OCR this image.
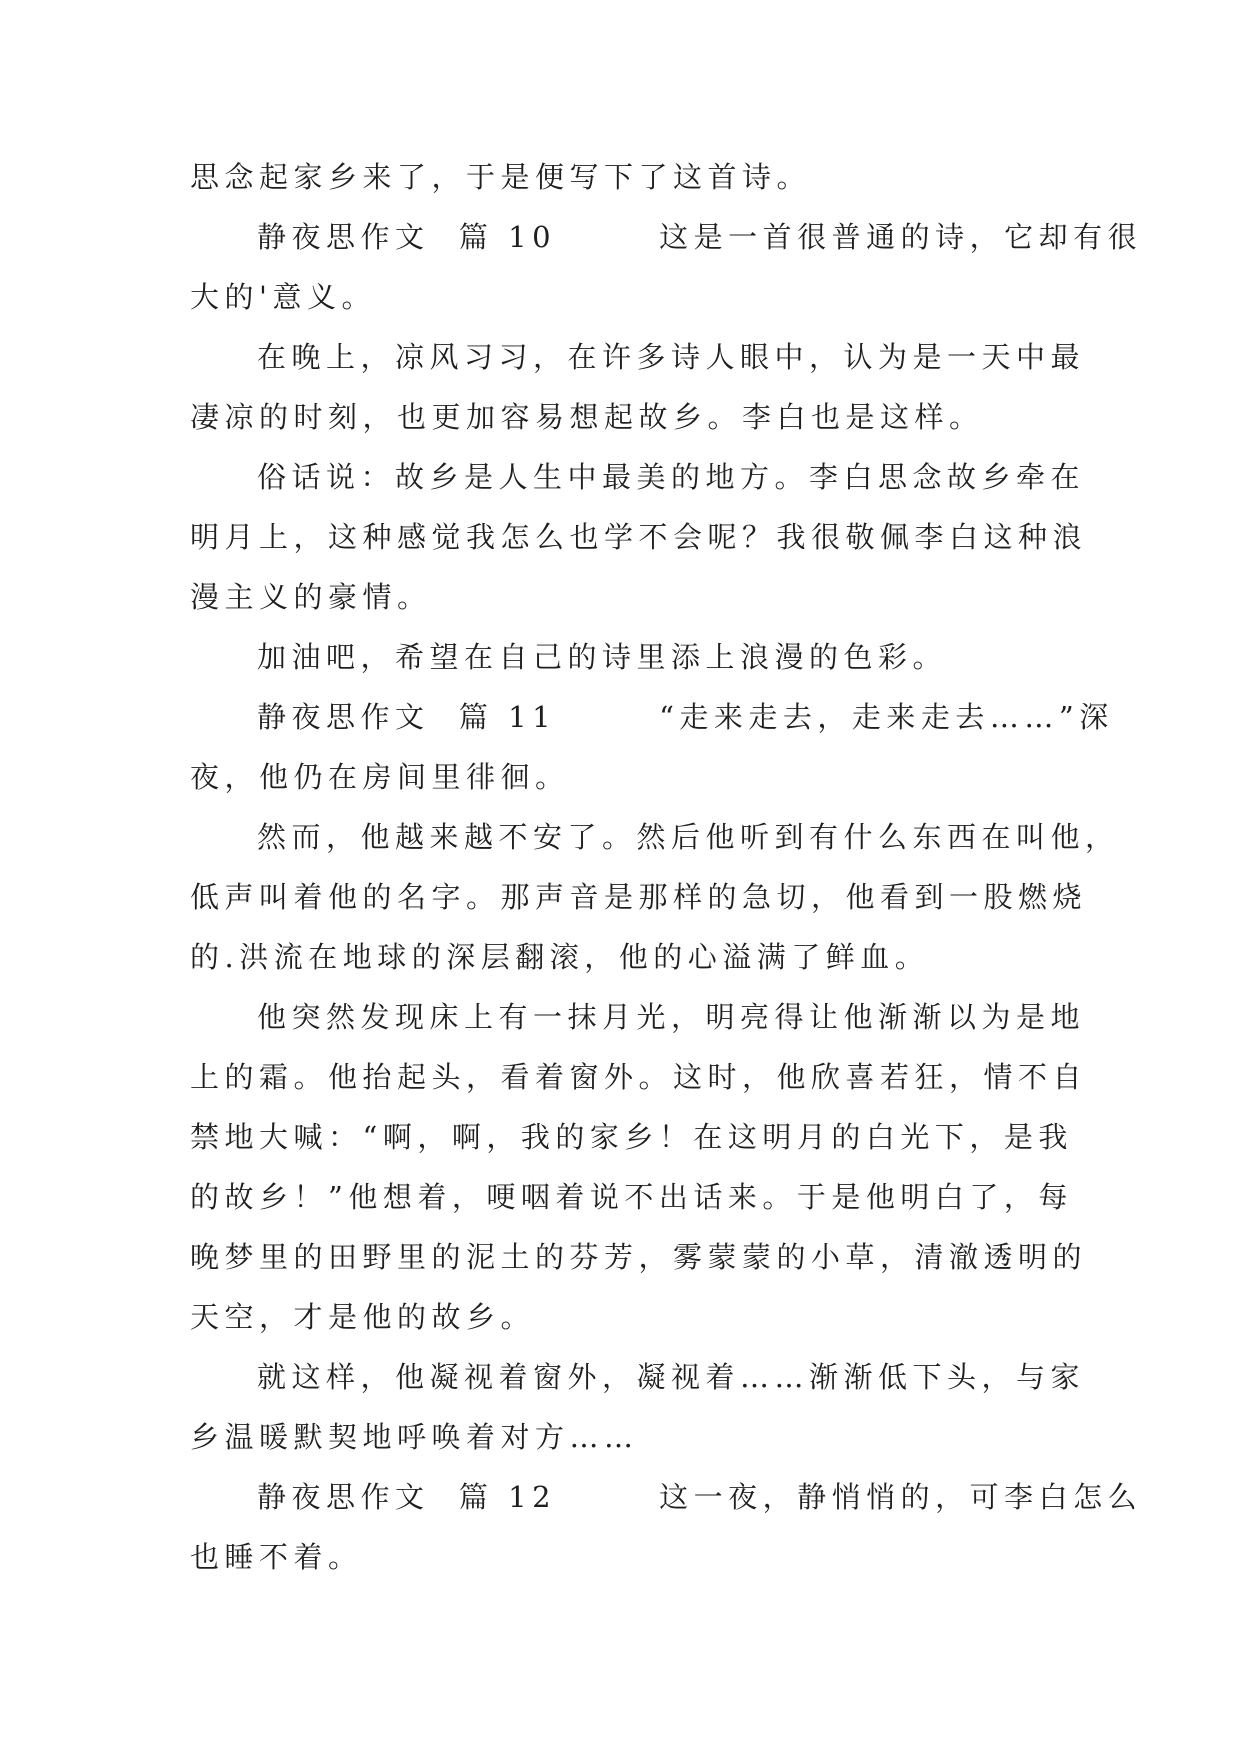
思念起家乡来了，于是便写下了这首诗。
静夜思作文  篇 10       这是一首很普通的诗，它却有很
大的'意义。
在晚上，凉风习习，在许多诗人眼中，认为是一天中最
凄凉的时刻，也更加容易想起故乡。李白也是这样。
俗话说：故乡是人生中最美的地方。李白思念故乡牵在
明月上，这种感觉我怎么也学不会呢？我很敬佩李白这种浪
漫主义的豪情。
加油吧，希望在自己的诗里添上浪漫的色彩。
静夜思作文  篇 11       “走来走去，走来走去……”深
夜，他仍在房间里徘徊。
然而，他越来越不安了。然后他听到有什么东西在叫他，
低声叫着他的名字。那声音是那样的急切，他看到一股燃烧
的.洪流在地球的深层翻滚，他的心溢满了鲜血。
他突然发现床上有一抹月光，明亮得让他渐渐以为是地
上的霜。他抬起头，看着窗外。这时，他欣喜若狂，情不自
禁地大喊：“啊，啊，我的家乡！在这明月的白光下，是我
的故乡！”他想着，哽咽着说不出话来。于是他明白了，每
晚梦里的田野里的泥土的芬芳，雾蒙蒙的小草，清澈透明的
天空，才是他的故乡。
就这样，他凝视着窗外，凝视着……渐渐低下头，与家
乡温暖默契地呼唤着对方……
静夜思作文  篇 12       这一夜，静悄悄的，可李白怎么
也睡不着。
